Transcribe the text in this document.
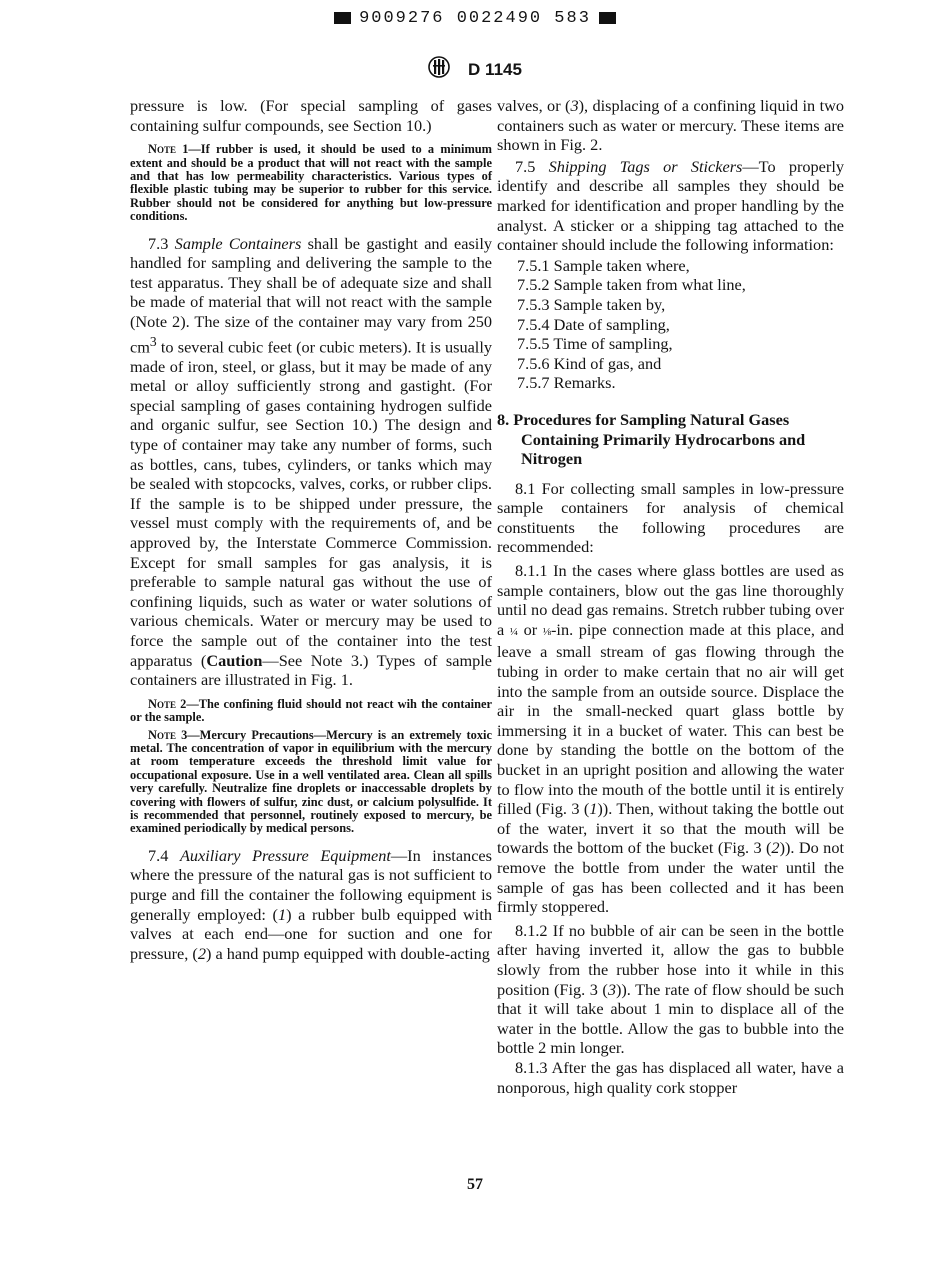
9009276 0022490 583
D 1145

pressure is low. (For special sampling of gases containing sulfur compounds, see Section 10.)

Note 1—If rubber is used, it should be used to a minimum extent and should be a product that will not react with the sample and that has low permeability characteristics. Various types of flexible plastic tubing may be superior to rubber for this service. Rubber should not be considered for anything but low-pressure conditions.

7.3 Sample Containers shall be gastight and easily handled for sampling and delivering the sample to the test apparatus. They shall be of adequate size and shall be made of material that will not react with the sample (Note 2). The size of the container may vary from 250 $cm^3$ to several cubic feet (or cubic meters). It is usually made of iron, steel, or glass, but it may be made of any metal or alloy sufficiently strong and gastight. (For special sampling of gases containing hydrogen sulfide and organic sulfur, see Section 10.) The design and type of container may take any number of forms, such as bottles, cans, tubes, cylinders, or tanks which may be sealed with stopcocks, valves, corks, or rubber clips. If the sample is to be shipped under pressure, the vessel must comply with the requirements of, and be approved by, the Interstate Commerce Commission. Except for small samples for gas analysis, it is preferable to sample natural gas without the use of confining liquids, such as water or water solutions of various chemicals. Water or mercury may be used to force the sample out of the container into the test apparatus (Caution—See Note 3.) Types of sample containers are illustrated in Fig. 1.

Note 2—The confining fluid should not react wih the container or the sample.

Note 3—Mercury Precautions—Mercury is an extremely toxic metal. The concentration of vapor in equilibrium with the mercury at room temperature exceeds the threshold limit value for occupational exposure. Use in a well ventilated area. Clean all spills very carefully. Neutralize fine droplets or inaccessable droplets by covering with flowers of sulfur, zinc dust, or calcium polysulfide. It is recommended that personnel, routinely exposed to mercury, be examined periodically by medical persons.

7.4 Auxiliary Pressure Equipment—In instances where the pressure of the natural gas is not sufficient to purge and fill the container the following equipment is generally employed: (1) a rubber bulb equipped with valves at each end—one for suction and one for pressure, (2) a hand pump equipped with double-acting

valves, or (3), displacing of a confining liquid in two containers such as water or mercury. These items are shown in Fig. 2.

7.5 Shipping Tags or Stickers—To properly identify and describe all samples they should be marked for identification and proper handling by the analyst. A sticker or a shipping tag attached to the container should include the following information:

7.5.1 Sample taken where,
7.5.2 Sample taken from what line,
7.5.3 Sample taken by,
7.5.4 Date of sampling,
7.5.5 Time of sampling,
7.5.6 Kind of gas, and
7.5.7 Remarks.

8. Procedures for Sampling Natural Gases Containing Primarily Hydrocarbons and Nitrogen

8.1 For collecting small samples in low-pressure sample containers for analysis of chemical constituents the following procedures are recommended:

8.1.1 In the cases where glass bottles are used as sample containers, blow out the gas line thoroughly until no dead gas remains. Stretch rubber tubing over a ¼ or ⅛-in. pipe connection made at this place, and leave a small stream of gas flowing through the tubing in order to make certain that no air will get into the sample from an outside source. Displace the air in the small-necked quart glass bottle by immersing it in a bucket of water. This can best be done by standing the bottle on the bottom of the bucket in an upright position and allowing the water to flow into the mouth of the bottle until it is entirely filled (Fig. 3 (1)). Then, without taking the bottle out of the water, invert it so that the mouth will be towards the bottom of the bucket (Fig. 3 (2)). Do not remove the bottle from under the water until the sample of gas has been collected and it has been firmly stoppered.

8.1.2 If no bubble of air can be seen in the bottle after having inverted it, allow the gas to bubble slowly from the rubber hose into it while in this position (Fig. 3 (3)). The rate of flow should be such that it will take about 1 min to displace all of the water in the bottle. Allow the gas to bubble into the bottle 2 min longer.

8.1.3 After the gas has displaced all water, have a nonporous, high quality cork stopper

57
